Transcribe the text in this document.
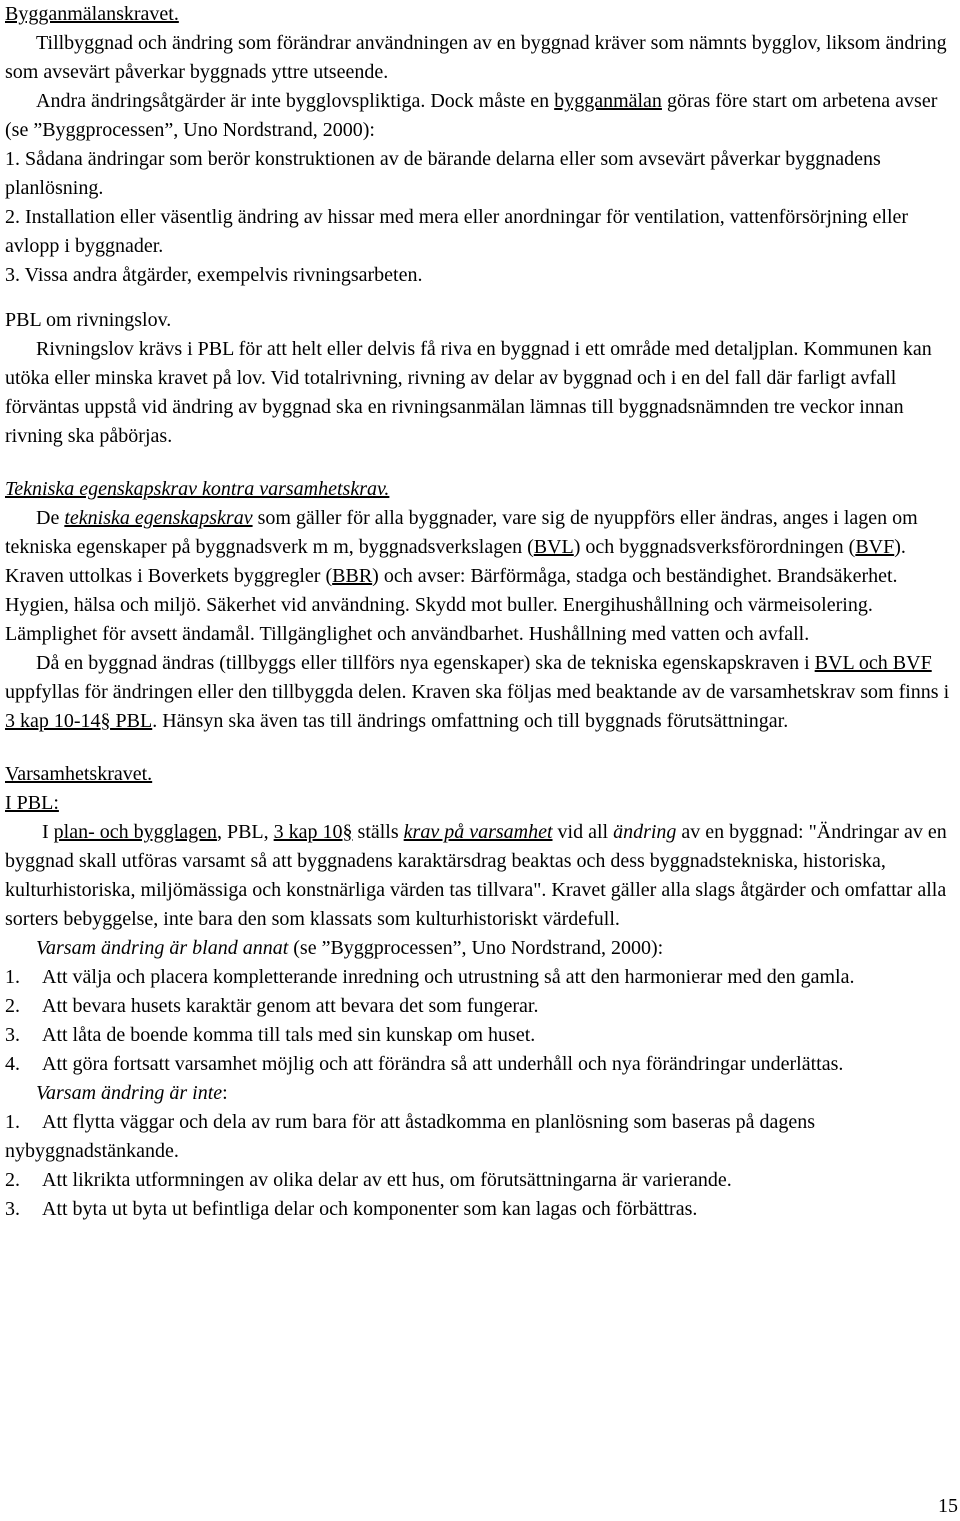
Bygganmälanskravet.

Tillbyggnad och ändring som förändrar användningen av en byggnad kräver som nämnts bygglov, liksom ändring som avsevärt påverkar byggnads yttre utseende.

Andra ändringsåtgärder är inte bygglovspliktiga. Dock måste en bygganmälan göras före start om arbetena avser (se ”Byggprocessen”, Uno Nordstrand, 2000):

1. Sådana ändringar som berör konstruktionen av de bärande delarna eller som avsevärt påverkar byggnadens planlösning.

2. Installation eller väsentlig ändring av hissar med mera eller anordningar för ventilation, vattenförsörjning eller avlopp i byggnader.

3. Vissa andra åtgärder, exempelvis rivningsarbeten.

PBL om rivningslov.

Rivningslov krävs i PBL för att helt eller delvis få riva en byggnad i ett område med detaljplan. Kommunen kan utöka eller minska kravet på lov. Vid totalrivning, rivning av delar av byggnad och i en del fall där farligt avfall förväntas uppstå vid ändring av byggnad ska en rivningsanmälan lämnas till byggnadsnämnden tre veckor innan rivning ska påbörjas.

Tekniska egenskapskrav kontra varsamhetskrav.

De tekniska egenskapskrav som gäller för alla byggnader, vare sig de nyuppförs eller ändras, anges i lagen om tekniska egenskaper på byggnadsverk m m, byggnadsverkslagen (BVL) och byggnadsverksförordningen (BVF). Kraven uttolkas i Boverkets byggregler (BBR) och avser: Bärförmåga, stadga och beständighet. Brandsäkerhet. Hygien, hälsa och miljö. Säkerhet vid användning. Skydd mot buller. Energihushållning och värmeisolering. Lämplighet för avsett ändamål. Tillgänglighet och användbarhet. Hushållning med vatten och avfall.

Då en byggnad ändras (tillbyggs eller tillförs nya egenskaper) ska de tekniska egenskapskraven i BVL och BVF uppfyllas för ändringen eller den tillbyggda delen. Kraven ska följas med beaktande av de varsamhetskrav som finns i 3 kap 10-14§ PBL. Hänsyn ska även tas till ändrings omfattning och till byggnads förutsättningar.

Varsamhetskravet.

I PBL:

I plan- och bygglagen, PBL, 3 kap 10§ ställs krav på varsamhet vid all ändring av en byggnad: "Ändringar av en byggnad skall utföras varsamt så att byggnadens karaktärsdrag beaktas och dess byggnadstekniska, historiska, kulturhistoriska, miljömässiga och konstnärliga värden tas tillvara". Kravet gäller alla slags åtgärder och omfattar alla sorters bebyggelse, inte bara den som klassats som kulturhistoriskt värdefull.

Varsam ändring är bland annat (se ”Byggprocessen”, Uno Nordstrand, 2000):

1. Att välja och placera kompletterande inredning och utrustning så att den harmonierar med den gamla.

2.	Att bevara husets karaktär genom att bevara det som fungerar.

3.	Att låta de boende komma till tals med sin kunskap om huset.

4.	Att göra fortsatt varsamhet möjlig och att förändra så att underhåll och nya förändringar underlättas.

Varsam ändring är inte:

1. Att flytta väggar och dela av rum bara för att åstadkomma en planlösning som baseras på dagens nybyggnadstänkande.

2.	Att likrikta utformningen av olika delar av ett hus, om förutsättningarna är varierande.

3.	Att byta ut byta ut befintliga delar och komponenter som kan lagas och förbättras.

15
